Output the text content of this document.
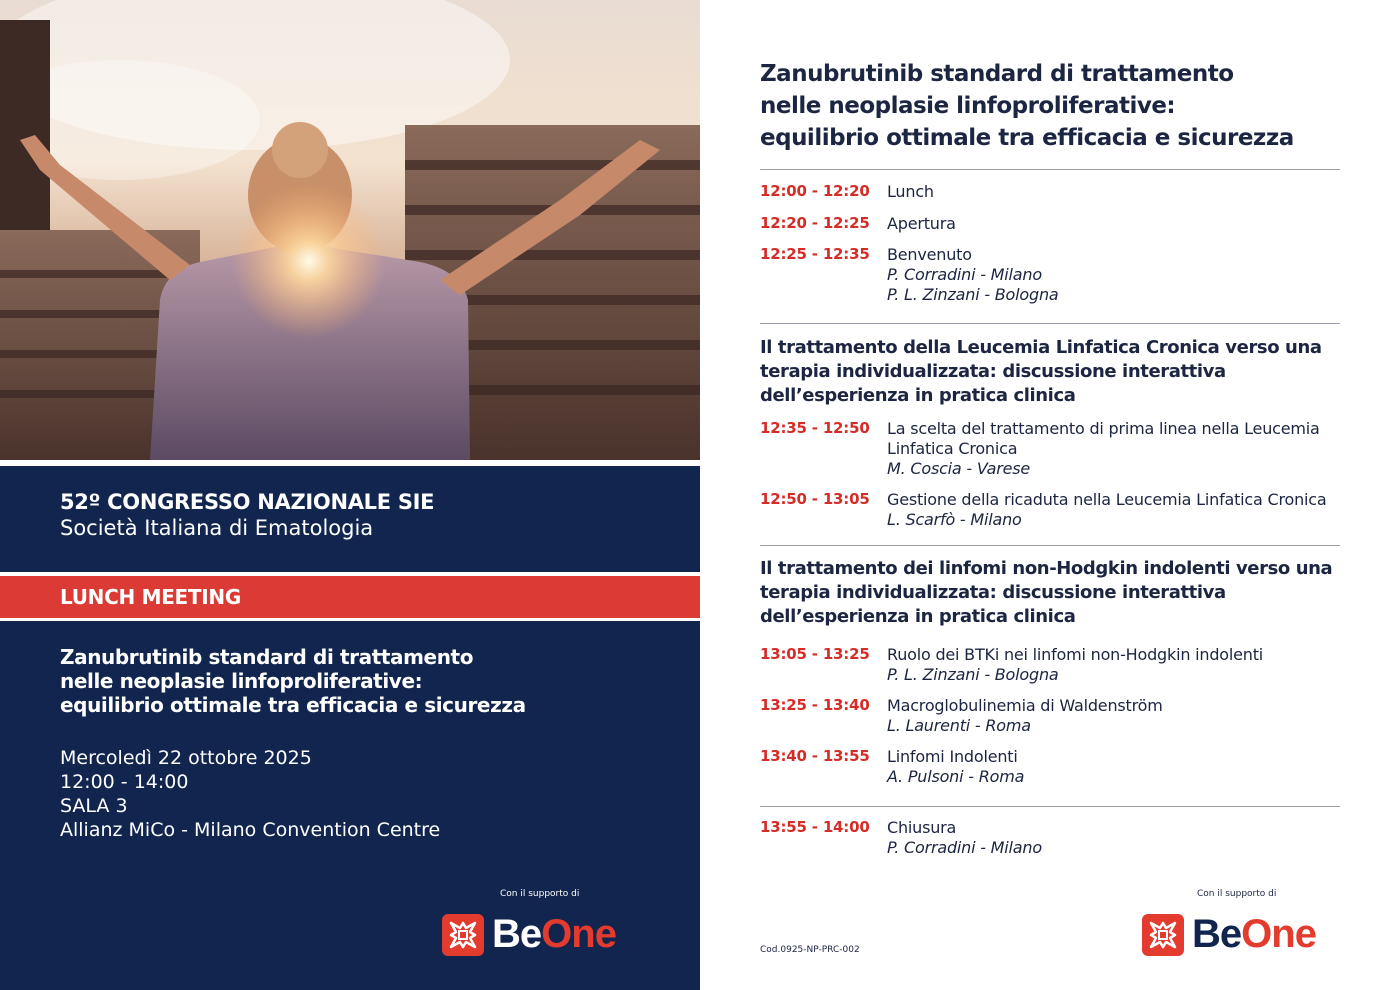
52º CONGRESSO NAZIONALE SIE
Società Italiana di Ematologia
LUNCH MEETING
Zanubrutinib standard di trattamento
nelle neoplasie linfoproliferative:
equilibrio ottimale tra efficacia e sicurezza
Mercoledì 22 ottobre 2025
12:00 - 14:00
SALA 3
Allianz MiCo - Milano Convention Centre
Con il supporto di
BeOne
Zanubrutinib standard di trattamento
nelle neoplasie linfoproliferative:
equilibrio ottimale tra efficacia e sicurezza
12:00 - 12:20 Lunch
12:20 - 12:25 Apertura
12:25 - 12:35 Benvenuto
P. Corradini - Milano
P. L. Zinzani - Bologna
Il trattamento della Leucemia Linfatica Cronica verso una terapia individualizzata: discussione interattiva dell’esperienza in pratica clinica
12:35 - 12:50 La scelta del trattamento di prima linea nella Leucemia Linfatica Cronica
M. Coscia - Varese
12:50 - 13:05 Gestione della ricaduta nella Leucemia Linfatica Cronica
L. Scarfò - Milano
Il trattamento dei linfomi non-Hodgkin indolenti verso una terapia individualizzata: discussione interattiva dell’esperienza in pratica clinica
13:05 - 13:25 Ruolo dei BTKi nei linfomi non-Hodgkin indolenti
P. L. Zinzani - Bologna
13:25 - 13:40 Macroglobulinemia di Waldenström
L. Laurenti - Roma
13:40 - 13:55 Linfomi Indolenti
A. Pulsoni - Roma
13:55 - 14:00 Chiusura
P. Corradini - Milano
Cod.0925-NP-PRC-002
Con il supporto di
BeOne
